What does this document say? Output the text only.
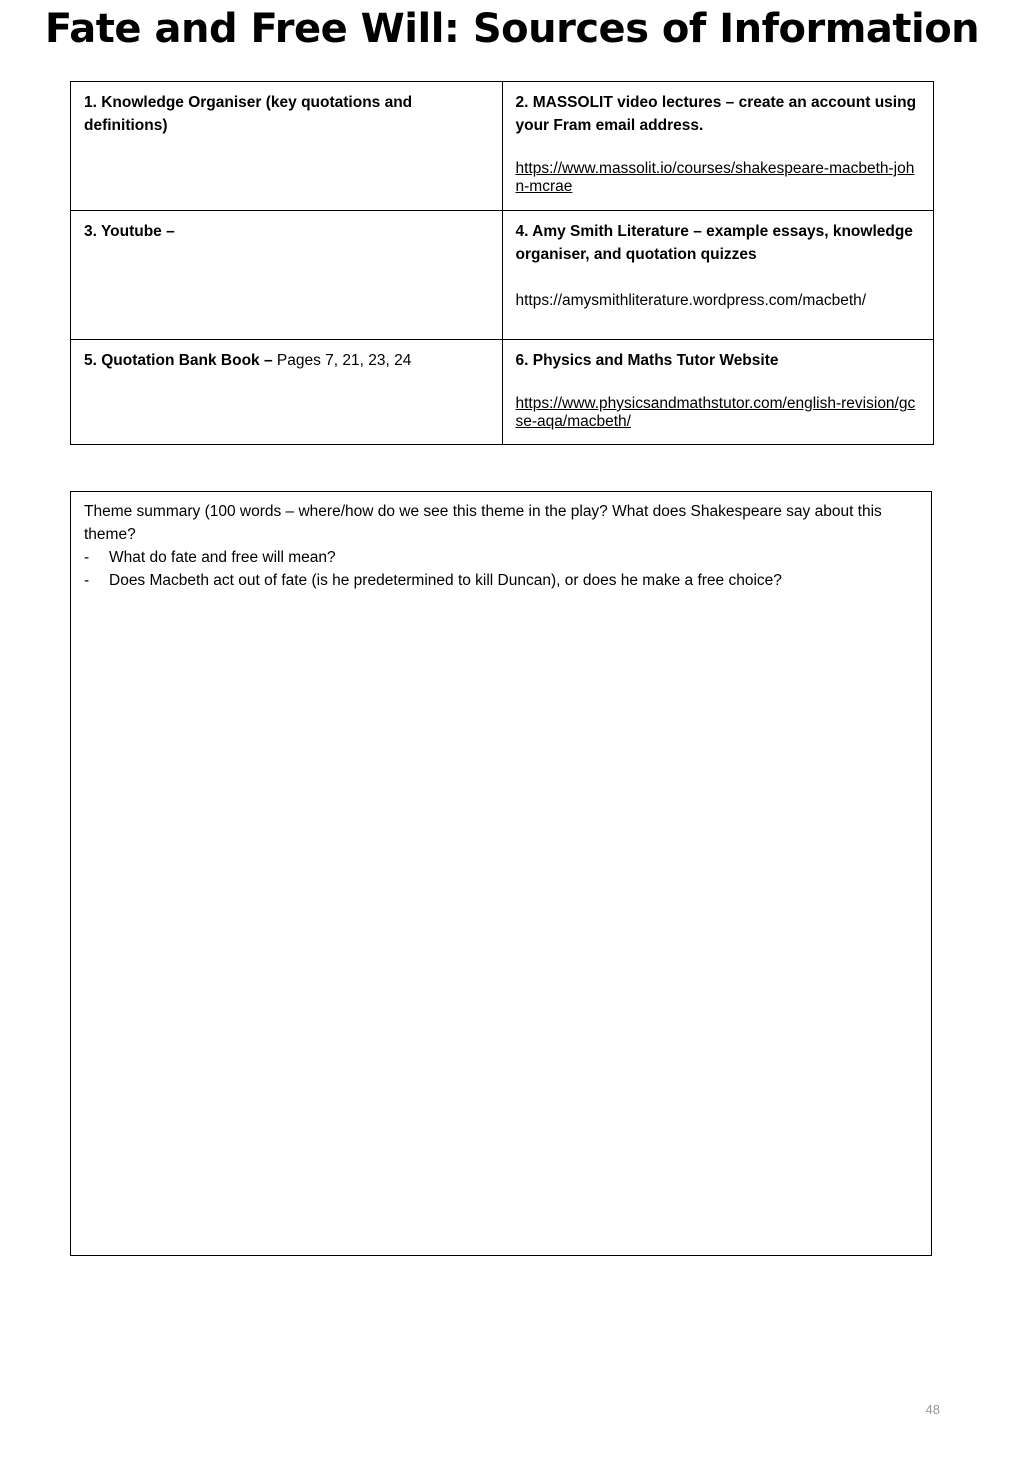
Fate and Free Will: Sources of Information
1. Knowledge Organiser (key quotations and definitions)	2. MASSOLIT video lectures – create an account using your Fram email address.
https://www.massolit.io/courses/shakespeare-macbeth-john-mcrae

3. Youtube –	4. Amy Smith Literature – example essays, knowledge organiser, and quotation quizzes
https://amysmithliterature.wordpress.com/macbeth/

5. Quotation Bank Book – Pages 7, 21, 23, 24	6. Physics and Maths Tutor Website
https://www.physicsandmathstutor.com/english-revision/gcse-aqa/macbeth/
Theme summary (100 words – where/how do we see this theme in the play? What does Shakespeare say about this theme?
- What do fate and free will mean?
- Does Macbeth act out of fate (is he predetermined to kill Duncan), or does he make a free choice?
48
